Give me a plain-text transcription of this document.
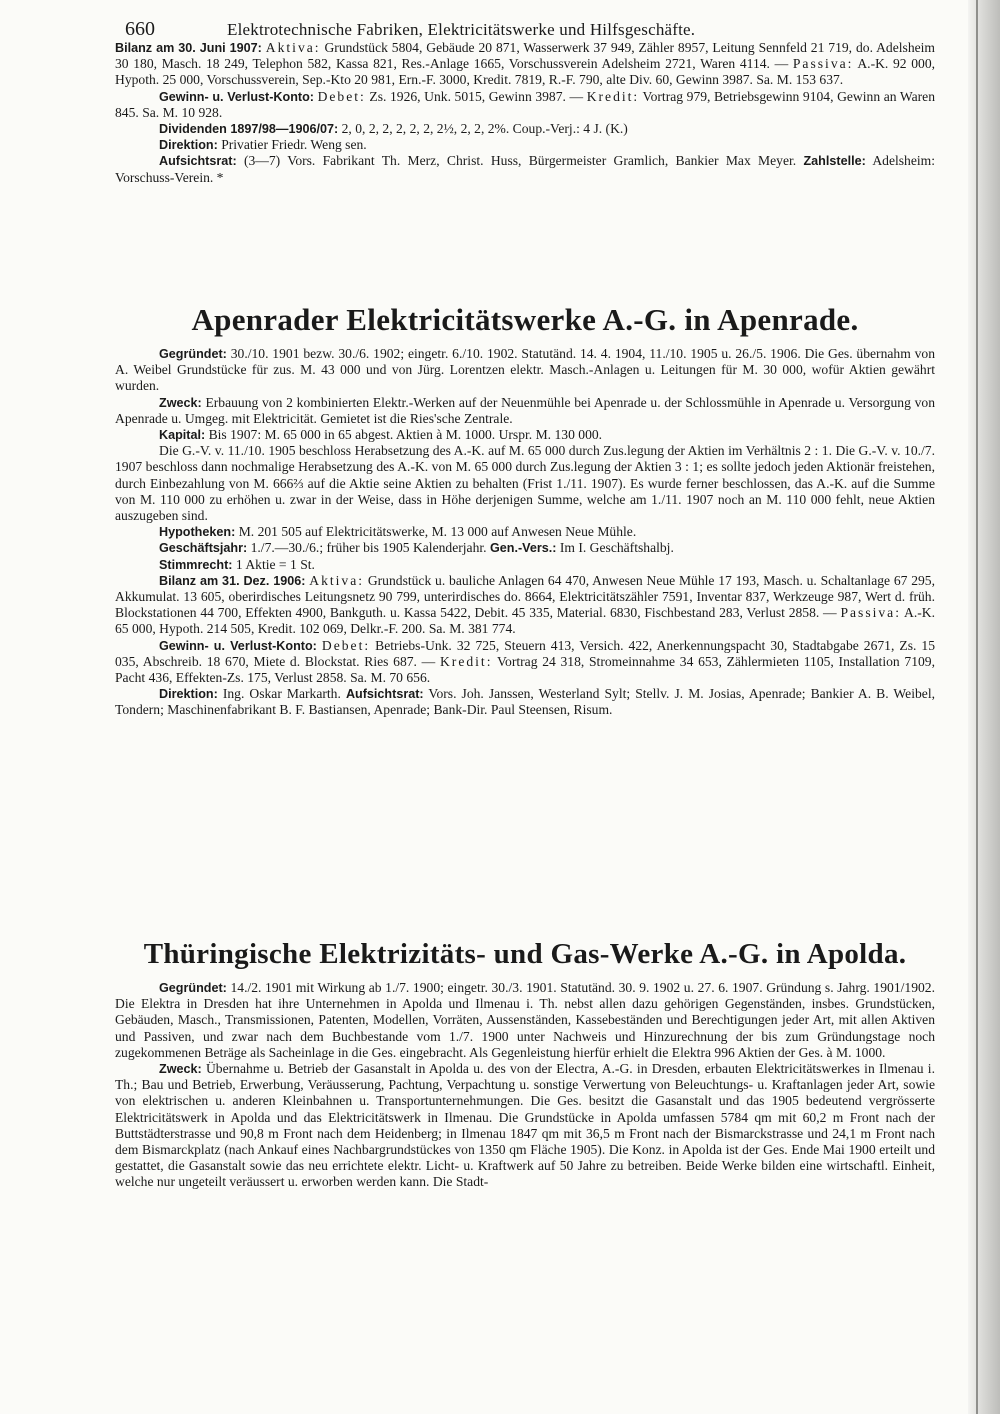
660	Elektrotechnische Fabriken, Elektricitätswerke und Hilfsgeschäfte.

Bilanz am 30. Juni 1907: Aktiva: Grundstück 5804, Gebäude 20 871, Wasserwerk 37 949, Zähler 8957, Leitung Sennfeld 21 719, do. Adelsheim 30 180, Masch. 18 249, Telephon 582, Kassa 821, Res.-Anlage 1665, Vorschussverein Adelsheim 2721, Waren 4114. — Passiva: A.-K. 92 000, Hypoth. 25 000, Vorschussverein, Sep.-Kto 20 981, Ern.-F. 3000, Kredit. 7819, R.-F. 790, alte Div. 60, Gewinn 3987. Sa. M. 153 637.

Gewinn- u. Verlust-Konto: Debet: Zs. 1926, Unk. 5015, Gewinn 3987. — Kredit: Vortrag 979, Betriebsgewinn 9104, Gewinn an Waren 845. Sa. M. 10 928.

Dividenden 1897/98—1906/07: 2, 0, 2, 2, 2, 2, 2, 2½, 2, 2, 2%. Coup.-Verj.: 4 J. (K.)

Direktion: Privatier Friedr. Weng sen.

Aufsichtsrat: (3—7) Vors. Fabrikant Th. Merz, Christ. Huss, Bürgermeister Gramlich, Bankier Max Meyer. Zahlstelle: Adelsheim: Vorschuss-Verein. *

Apenrader Elektricitätswerke A.-G. in Apenrade.

Gegründet: 30./10. 1901 bezw. 30./6. 1902; eingetr. 6./10. 1902. Statutänd. 14. 4. 1904, 11./10. 1905 u. 26./5. 1906. Die Ges. übernahm von A. Weibel Grundstücke für zus. M. 43 000 und von Jürg. Lorentzen elektr. Masch.-Anlagen u. Leitungen für M. 30 000, wofür Aktien gewährt wurden.

Zweck: Erbauung von 2 kombinierten Elektr.-Werken auf der Neuenmühle bei Apenrade u. der Schlossmühle in Apenrade u. Versorgung von Apenrade u. Umgeg. mit Elektricität. Gemietet ist die Ries'sche Zentrale.

Kapital: Bis 1907: M. 65 000 in 65 abgest. Aktien à M. 1000. Urspr. M. 130 000.

Die G.-V. v. 11./10. 1905 beschloss Herabsetzung des A.-K. auf M. 65 000 durch Zus.legung der Aktien im Verhältnis 2 : 1. Die G.-V. v. 10./7. 1907 beschloss dann nochmalige Herabsetzung des A.-K. von M. 65 000 durch Zus.legung der Aktien 3 : 1; es sollte jedoch jeden Aktionär freistehen, durch Einbezahlung von M. 666⅔ auf die Aktie seine Aktien zu behalten (Frist 1./11. 1907). Es wurde ferner beschlossen, das A.-K. auf die Summe von M. 110 000 zu erhöhen u. zwar in der Weise, dass in Höhe derjenigen Summe, welche am 1./11. 1907 noch an M. 110 000 fehlt, neue Aktien auszugeben sind.

Hypotheken: M. 201 505 auf Elektricitätswerke, M. 13 000 auf Anwesen Neue Mühle.

Geschäftsjahr: 1./7.—30./6.; früher bis 1905 Kalenderjahr. Gen.-Vers.: Im I. Geschäftshalbj.

Stimmrecht: 1 Aktie = 1 St.

Bilanz am 31. Dez. 1906: Aktiva: Grundstück u. bauliche Anlagen 64 470, Anwesen Neue Mühle 17 193, Masch. u. Schaltanlage 67 295, Akkumulat. 13 605, oberirdisches Leitungsnetz 90 799, unterirdisches do. 8664, Elektricitätszähler 7591, Inventar 837, Werkzeuge 987, Wert d. früh. Blockstationen 44 700, Effekten 4900, Bankguth. u. Kassa 5422, Debit. 45 335, Material. 6830, Fischbestand 283, Verlust 2858. — Passiva: A.-K. 65 000, Hypoth. 214 505, Kredit. 102 069, Delkr.-F. 200. Sa. M. 381 774.

Gewinn- u. Verlust-Konto: Debet: Betriebs-Unk. 32 725, Steuern 413, Versich. 422, Anerkennungspacht 30, Stadtabgabe 2671, Zs. 15 035, Abschreib. 18 670, Miete d. Blockstat. Ries 687. — Kredit: Vortrag 24 318, Stromeinnahme 34 653, Zählermieten 1105, Installation 7109, Pacht 436, Effekten-Zs. 175, Verlust 2858. Sa. M. 70 656.

Direktion: Ing. Oskar Markarth. Aufsichtsrat: Vors. Joh. Janssen, Westerland Sylt; Stellv. J. M. Josias, Apenrade; Bankier A. B. Weibel, Tondern; Maschinenfabrikant B. F. Bastiansen, Apenrade; Bank-Dir. Paul Steensen, Risum.

Thüringische Elektrizitäts- und Gas-Werke A.-G. in Apolda.

Gegründet: 14./2. 1901 mit Wirkung ab 1./7. 1900; eingetr. 30./3. 1901. Statutänd. 30. 9. 1902 u. 27. 6. 1907. Gründung s. Jahrg. 1901/1902. Die Elektra in Dresden hat ihre Unternehmen in Apolda und Ilmenau i. Th. nebst allen dazu gehörigen Gegenständen, insbes. Grundstücken, Gebäuden, Masch., Transmissionen, Patenten, Modellen, Vorräten, Aussenständen, Kassebeständen und Berechtigungen jeder Art, mit allen Aktiven und Passiven, und zwar nach dem Buchbestande vom 1./7. 1900 unter Nachweis und Hinzurechnung der bis zum Gründungstage noch zugekommenen Beträge als Sacheinlage in die Ges. eingebracht. Als Gegenleistung hierfür erhielt die Elektra 996 Aktien der Ges. à M. 1000.

Zweck: Übernahme u. Betrieb der Gasanstalt in Apolda u. des von der Electra, A.-G. in Dresden, erbauten Elektricitätswerkes in Ilmenau i. Th.; Bau und Betrieb, Erwerbung, Veräusserung, Pachtung, Verpachtung u. sonstige Verwertung von Beleuchtungs- u. Kraftanlagen jeder Art, sowie von elektrischen u. anderen Kleinbahnen u. Transportunternehmungen. Die Ges. besitzt die Gasanstalt und das 1905 bedeutend vergrösserte Elektricitätswerk in Apolda und das Elektricitätswerk in Ilmenau. Die Grundstücke in Apolda umfassen 5784 qm mit 60,2 m Front nach der Buttstädterstrasse und 90,8 m Front nach dem Heidenberg; in Ilmenau 1847 qm mit 36,5 m Front nach der Bismarckstrasse und 24,1 m Front nach dem Bismarckplatz (nach Ankauf eines Nachbargrundstückes von 1350 qm Fläche 1905). Die Konz. in Apolda ist der Ges. Ende Mai 1900 erteilt und gestattet, die Gasanstalt sowie das neu errichtete elektr. Licht- u. Kraftwerk auf 50 Jahre zu betreiben. Beide Werke bilden eine wirtschaftl. Einheit, welche nur ungeteilt veräussert u. erworben werden kann. Die Stadt-
